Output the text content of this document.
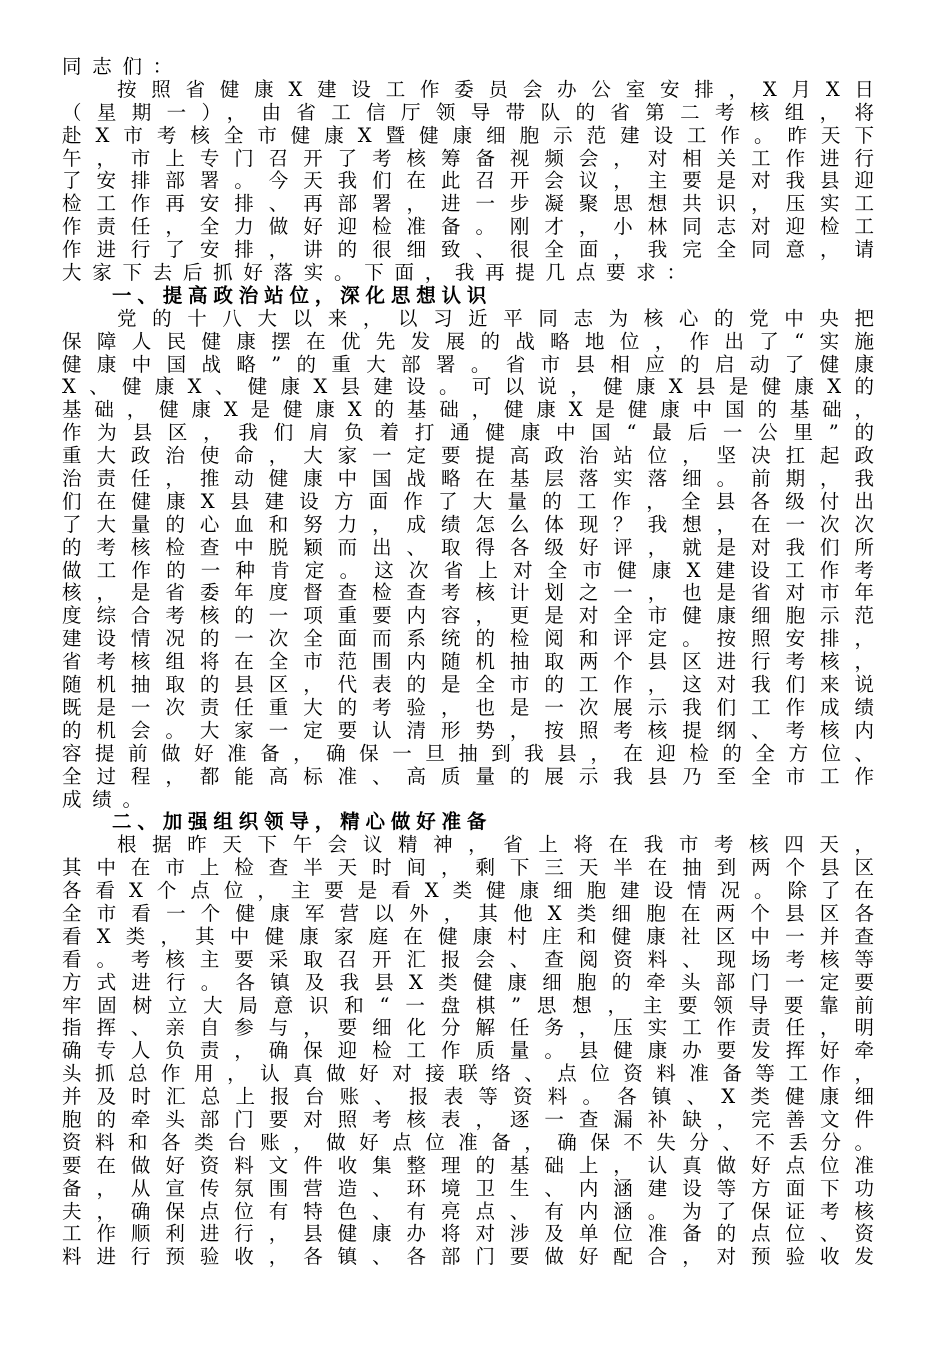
同志们：
按照省健康X建设工作委员会办公室安排，X月X日
（星期一），由省工信厅领导带队的省第二考核组，将
赴X市考核全市健康X暨健康细胞示范建设工作。昨天下
午，市上专门召开了考核筹备视频会，对相关工作进行
了安排部署。今天我们在此召开会议，主要是对我县迎
检工作再安排、再部署，进一步凝聚思想共识，压实工
作责任，全力做好迎检准备。刚才，小林同志对迎检工
作进行了安排，讲的很细致、很全面，我完全同意，请
大家下去后抓好落实。下面，我再提几点要求：
一、提高政治站位，深化思想认识
党的十八大以来，以习近平同志为核心的党中央把
保障人民健康摆在优先发展的战略地位，作出了“实施
健康中国战略”的重大部署。省市县相应的启动了健康
X、健康X、健康X县建设。可以说，健康X县是健康X的
基础，健康X是健康X的基础，健康X是健康中国的基础，
作为县区，我们肩负着打通健康中国“最后一公里”的
重大政治使命，大家一定要提高政治站位，坚决扛起政
治责任，推动健康中国战略在基层落实落细。前期，我
们在健康X县建设方面作了大量的工作，全县各级付出
了大量的心血和努力，成绩怎么体现？我想，在一次次
的考核检查中脱颖而出、取得各级好评，就是对我们所
做工作的一种肯定。这次省上对全市健康X建设工作考
核，是省委年度督查检查考核计划之一，也是省对市年
度综合考核的一项重要内容，更是对全市健康细胞示范
建设情况的一次全面而系统的检阅和评定。按照安排，
省考核组将在全市范围内随机抽取两个县区进行考核，
随机抽取的县区，代表的是全市的工作，这对我们来说
既是一次责任重大的考验，也是一次展示我们工作成绩
的机会。大家一定要认清形势，按照考核提纲、考核内
容提前做好准备，确保一旦抽到我县，在迎检的全方位、
全过程，都能高标准、高质量的展示我县乃至全市工作
成绩。
二、加强组织领导，精心做好准备
根据昨天下午会议精神，省上将在我市考核四天，
其中在市上检查半天时间，剩下三天半在抽到两个县区
各看X个点位，主要是看X类健康细胞建设情况。除了在
全市看一个健康军营以外，其他X类细胞在两个县区各
看X类，其中健康家庭在健康村庄和健康社区中一并查
看。考核主要采取召开汇报会、查阅资料、现场考核等
方式进行。各镇及我县X类健康细胞的牵头部门一定要
牢固树立大局意识和“一盘棋”思想，主要领导要靠前
指挥、亲自参与，要细化分解任务，压实工作责任，明
确专人负责，确保迎检工作质量。县健康办要发挥好牵
头抓总作用，认真做好对接联络、点位资料准备等工作，
并及时汇总上报台账、报表等资料。各镇、X类健康细
胞的牵头部门要对照考核表，逐一查漏补缺，完善文件
资料和各类台账，做好点位准备，确保不失分、不丢分。
要在做好资料文件收集整理的基础上，认真做好点位准
备，从宣传氛围营造、环境卫生、内涵建设等方面下功
夫，确保点位有特色、有亮点、有内涵。为了保证考核
工作顺利进行，县健康办将对涉及单位准备的点位、资
料进行预验收，各镇、各部门要做好配合，对预验收发
